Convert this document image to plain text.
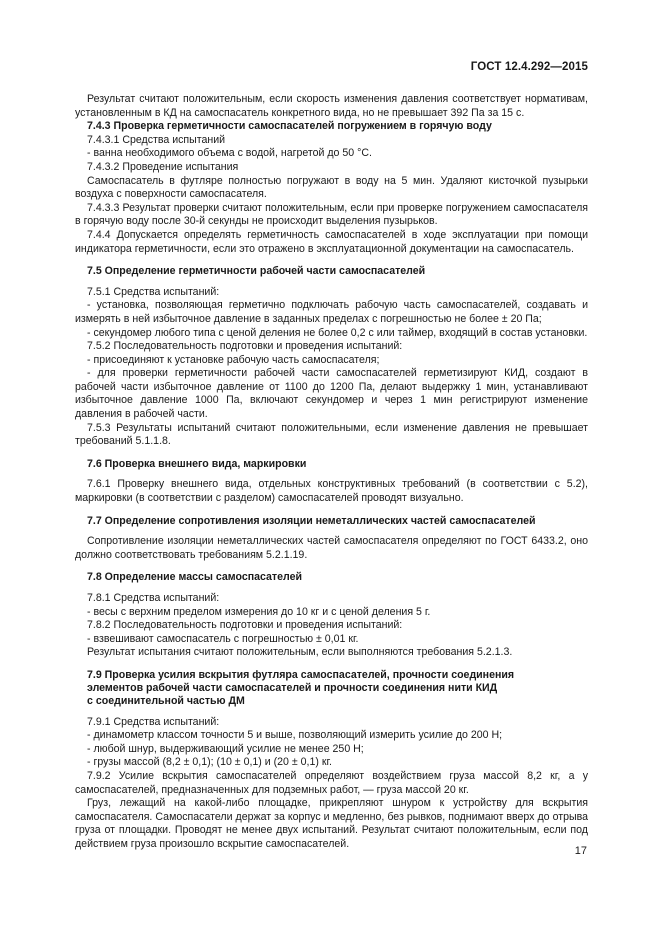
ГОСТ 12.4.292—2015

Результат считают положительным, если скорость изменения давления соответствует нормативам, установленным в КД на самоспасатель конкретного вида, но не превышает 392 Па за 15 с.

7.4.3 Проверка герметичности самоспасателей погружением в горячую воду

7.4.3.1 Средства испытаний

- ванна необходимого объема с водой, нагретой до 50 °С.

7.4.3.2 Проведение испытания

Самоспасатель в футляре полностью погружают в воду на 5 мин. Удаляют кисточкой пузырьки воздуха с поверхности самоспасателя.

7.4.3.3 Результат проверки считают положительным, если при проверке погружением самоспасателя в горячую воду после 30-й секунды не происходит выделения пузырьков.

7.4.4 Допускается определять герметичность самоспасателей в ходе эксплуатации при помощи индикатора герметичности, если это отражено в эксплуатационной документации на самоспасатель.

7.5 Определение герметичности рабочей части самоспасателей

7.5.1 Средства испытаний:

- установка, позволяющая герметично подключать рабочую часть самоспасателей, создавать и измерять в ней избыточное давление в заданных пределах с погрешностью не более ± 20 Па;

- секундомер любого типа с ценой деления не более 0,2 с или таймер, входящий в состав установки.

7.5.2 Последовательность подготовки и проведения испытаний:

- присоединяют к установке рабочую часть самоспасателя;

- для проверки герметичности рабочей части самоспасателей герметизируют КИД, создают в рабочей части избыточное давление от 1100 до 1200 Па, делают выдержку 1 мин, устанавливают избыточное давление 1000 Па, включают секундомер и через 1 мин регистрируют изменение давления в рабочей части.

7.5.3 Результаты испытаний считают положительными, если изменение давления не превышает требований 5.1.1.8.

7.6 Проверка внешнего вида, маркировки

7.6.1 Проверку внешнего вида, отдельных конструктивных требований (в соответствии с 5.2), маркировки (в соответствии с разделом) самоспасателей проводят визуально.

7.7 Определение сопротивления изоляции неметаллических частей самоспасателей

Сопротивление изоляции неметаллических частей самоспасателя определяют по ГОСТ 6433.2, оно должно соответствовать требованиям 5.2.1.19.

7.8 Определение массы самоспасателей

7.8.1 Средства испытаний:

- весы с верхним пределом измерения до 10 кг и с ценой деления 5 г.

7.8.2 Последовательность подготовки и проведения испытаний:

- взвешивают самоспасатель с погрешностью ± 0,01 кг.

Результат испытания считают положительным, если выполняются требования 5.2.1.3.

7.9 Проверка усилия вскрытия футляра самоспасателей, прочности соединения
элементов рабочей части самоспасателей и прочности соединения нити КИД
с соединительной частью ДМ

7.9.1 Средства испытаний:

- динамометр классом точности 5 и выше, позволяющий измерить усилие до 200 Н;

- любой шнур, выдерживающий усилие не менее 250 Н;

- грузы массой (8,2 ± 0,1); (10 ± 0,1) и (20 ± 0,1) кг.

7.9.2 Усилие вскрытия самоспасателей определяют воздействием груза массой 8,2 кг, а у самоспасателей, предназначенных для подземных работ, — груза массой 20 кг.

Груз, лежащий на какой-либо площадке, прикрепляют шнуром к устройству для вскрытия самоспасателя. Самоспасатели держат за корпус и медленно, без рывков, поднимают вверх до отрыва груза от площадки. Проводят не менее двух испытаний. Результат считают положительным, если под действием груза произошло вскрытие самоспасателей.

17
